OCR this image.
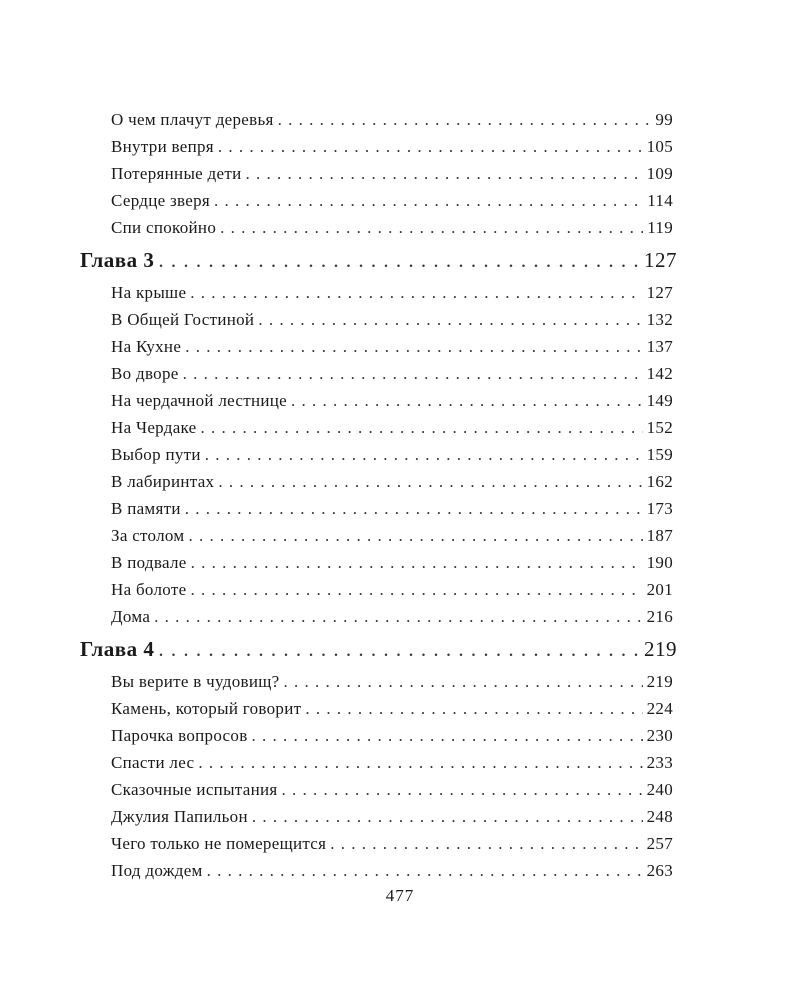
О чем плачут деревья . . .	99
Внутри вепря . . .	105
Потерянные дети . . .	109
Сердце зверя . . .	114
Спи спокойно . . .	119
Глава 3 . . .	127
На крыше . . .	127
В Общей Гостиной . . .	132
На Кухне . . .	137
Во дворе . . .	142
На чердачной лестнице . . .	149
На Чердаке . . .	152
Выбор пути . . .	159
В лабиринтах . . .	162
В памяти . . .	173
За столом . . .	187
В подвале . . .	190
На болоте . . .	201
Дома . . .	216
Глава 4 . . .	219
Вы верите в чудовищ? . . .	219
Камень, который говорит . . .	224
Парочка вопросов . . .	230
Спасти лес . . .	233
Сказочные испытания . . .	240
Джулия Папильон . . .	248
Чего только не померещится . . .	257
Под дождем . . .	263
477
